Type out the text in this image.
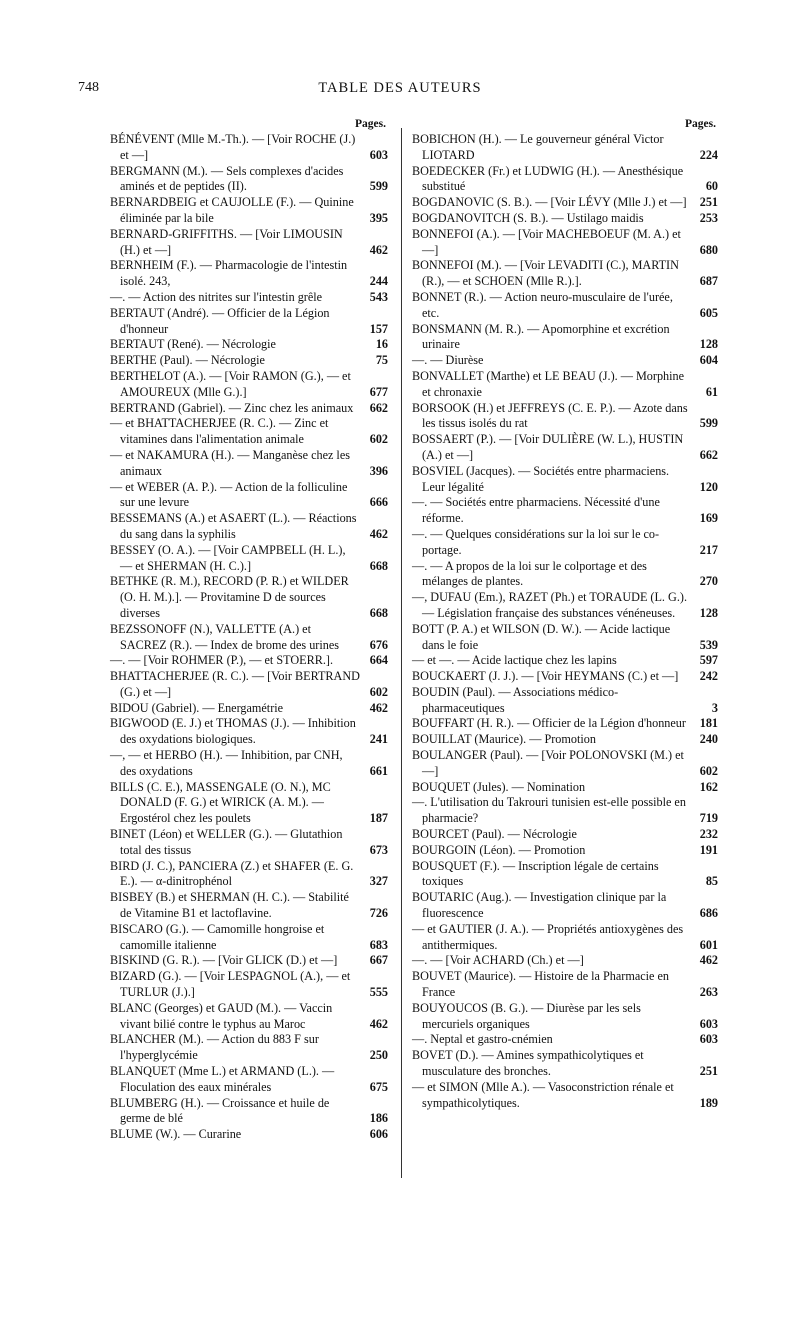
748	TABLE DES AUTEURS
Pages.
BÉNÉVENT (Mlle M.-Th.). — [Voir ROCHE (J.) et —]	603
BERGMANN (M.). — Sels complexes d'acides aminés et de peptides (II).	599
BERNARDBEIG et CAUJOLLE (F.). — Quinine éliminée par la bile	395
BERNARD-GRIFFITHS. — [Voir LIMOUSIN (H.) et —]	462
BERNHEIM (F.). — Pharmacologie de l'intestin isolé. 243,	244
—. — Action des nitrites sur l'intestin grêle	543
BERTAUT (André). — Officier de la Légion d'honneur	157
BERTAUT (René). — Nécrologie	16
BERTHE (Paul). — Nécrologie	75
BERTHELOT (A.). — [Voir RAMON (G.), — et AMOUREUX (Mlle G.).]	677
BERTRAND (Gabriel). — Zinc chez les animaux	662
— et BHATTACHERJEE (R. C.). — Zinc et vitamines dans l'alimentation animale	602
— et NAKAMURA (H.). — Manganèse chez les animaux	396
— et WEBER (A. P.). — Action de la folliculine sur une levure	666
BESSEMANS (A.) et ASAERT (L.). — Réactions du sang dans la syphilis	462
BESSEY (O. A.). — [Voir CAMPBELL (H. L.), — et SHERMAN (H. C.).]	668
BETHKE (R. M.), RECORD (P. R.) et WILDER (O. H. M.).]. — Provitamine D de sources diverses	668
BEZSSONOFF (N.), VALLETTE (A.) et SACREZ (R.). — Index de brome des urines	676
—. — [Voir ROHMER (P.), — et STOERR.].	664
BHATTACHERJEE (R. C.). — [Voir BERTRAND (G.) et —]	602
BIDOU (Gabriel). — Energamétrie	462
BIGWOOD (E. J.) et THOMAS (J.). — Inhibition des oxydations biologiques.	241
—, — et HERBO (H.). — Inhibition, par CNH, des oxydations	661
BILLS (C. E.), MASSENGALE (O. N.), MC DONALD (F. G.) et WIRICK (A. M.). — Ergostérol chez les poulets	187
BINET (Léon) et WELLER (G.). — Glutathion total des tissus	673
BIRD (J. C.), PANCIERA (Z.) et SHAFER (E. G. E.). — α-dinitrophénol	327
BISBEY (B.) et SHERMAN (H. C.). — Stabilité de Vitamine B1 et lactoflavine.	726
BISCARO (G.). — Camomille hongroise et camomille italienne	683
BISKIND (G. R.). — [Voir GLICK (D.) et —]	667
BIZARD (G.). — [Voir LESPAGNOL (A.), — et TURLUR (J.).]	555
BLANC (Georges) et GAUD (M.). — Vaccin vivant bilié contre le typhus au Maroc	462
BLANCHER (M.). — Action du 883 F sur l'hyperglycémie	250
BLANQUET (Mme L.) et ARMAND (L.). — Floculation des eaux minérales	675
BLUMBERG (H.). — Croissance et huile de germe de blé	186
BLUME (W.). — Curarine	606
Pages.
BOBICHON (H.). — Le gouverneur général Victor LIOTARD	224
BOEDECKER (Fr.) et LUDWIG (H.). — Anesthésique substitué	60
BOGDANOVIC (S. B.). — [Voir LÉVY (Mlle J.) et —]	251
BOGDANOVITCH (S. B.). — Ustilago maidis	253
BONNEFOI (A.). — [Voir MACHEBOEUF (M. A.) et —]	680
BONNEFOI (M.). — [Voir LEVADITI (C.), MARTIN (R.), — et SCHOEN (Mlle R.).].	687
BONNET (R.). — Action neuro-musculaire de l'urée, etc.	605
BONSMANN (M. R.). — Apomorphine et excrétion urinaire	128
—. — Diurèse	604
BONVALLET (Marthe) et LE BEAU (J.). — Morphine et chronaxie	61
BORSOOK (H.) et JEFFREYS (C. E. P.). — Azote dans les tissus isolés du rat	599
BOSSAERT (P.). — [Voir DULIÈRE (W. L.), HUSTIN (A.) et —]	662
BOSVIEL (Jacques). — Sociétés entre pharmaciens. Leur légalité	120
—. — Sociétés entre pharmaciens. Nécessité d'une réforme.	169
—. — Quelques considérations sur la loi sur le co-portage.	217
—. — A propos de la loi sur le colportage et des mélanges de plantes.	270
—, DUFAU (Em.), RAZET (Ph.) et TORAUDE (L. G.). — Législation française des substances vénéneuses.	128
BOTT (P. A.) et WILSON (D. W.). — Acide lactique dans le foie	539
— et —. — Acide lactique chez les lapins	597
BOUCKAERT (J. J.). — [Voir HEYMANS (C.) et —]	242
BOUDIN (Paul). — Associations médico-pharmaceutiques	3
BOUFFART (H. R.). — Officier de la Légion d'honneur	181
BOUILLAT (Maurice). — Promotion	240
BOULANGER (Paul). — [Voir POLONOVSKI (M.) et —]	602
BOUQUET (Jules). — Nomination	162
—. L'utilisation du Takrouri tunisien est-elle possible en pharmacie?	719
BOURCET (Paul). — Nécrologie	232
BOURGOIN (Léon). — Promotion	191
BOUSQUET (F.). — Inscription légale de certains toxiques	85
BOUTARIC (Aug.). — Investigation clinique par la fluorescence	686
— et GAUTIER (J. A.). — Propriétés antioxygènes des antithermiques.	601
—. — [Voir ACHARD (Ch.) et —]	462
BOUVET (Maurice). — Histoire de la Pharmacie en France	263
BOUYOUCOS (B. G.). — Diurèse par les sels mercuriels organiques	603
—. Neptal et gastro-cnémien	603
BOVET (D.). — Amines sympathicolytiques et musculature des bronches.	251
— et SIMON (Mlle A.). — Vasoconstriction rénale et sympathicolytiques.	189
